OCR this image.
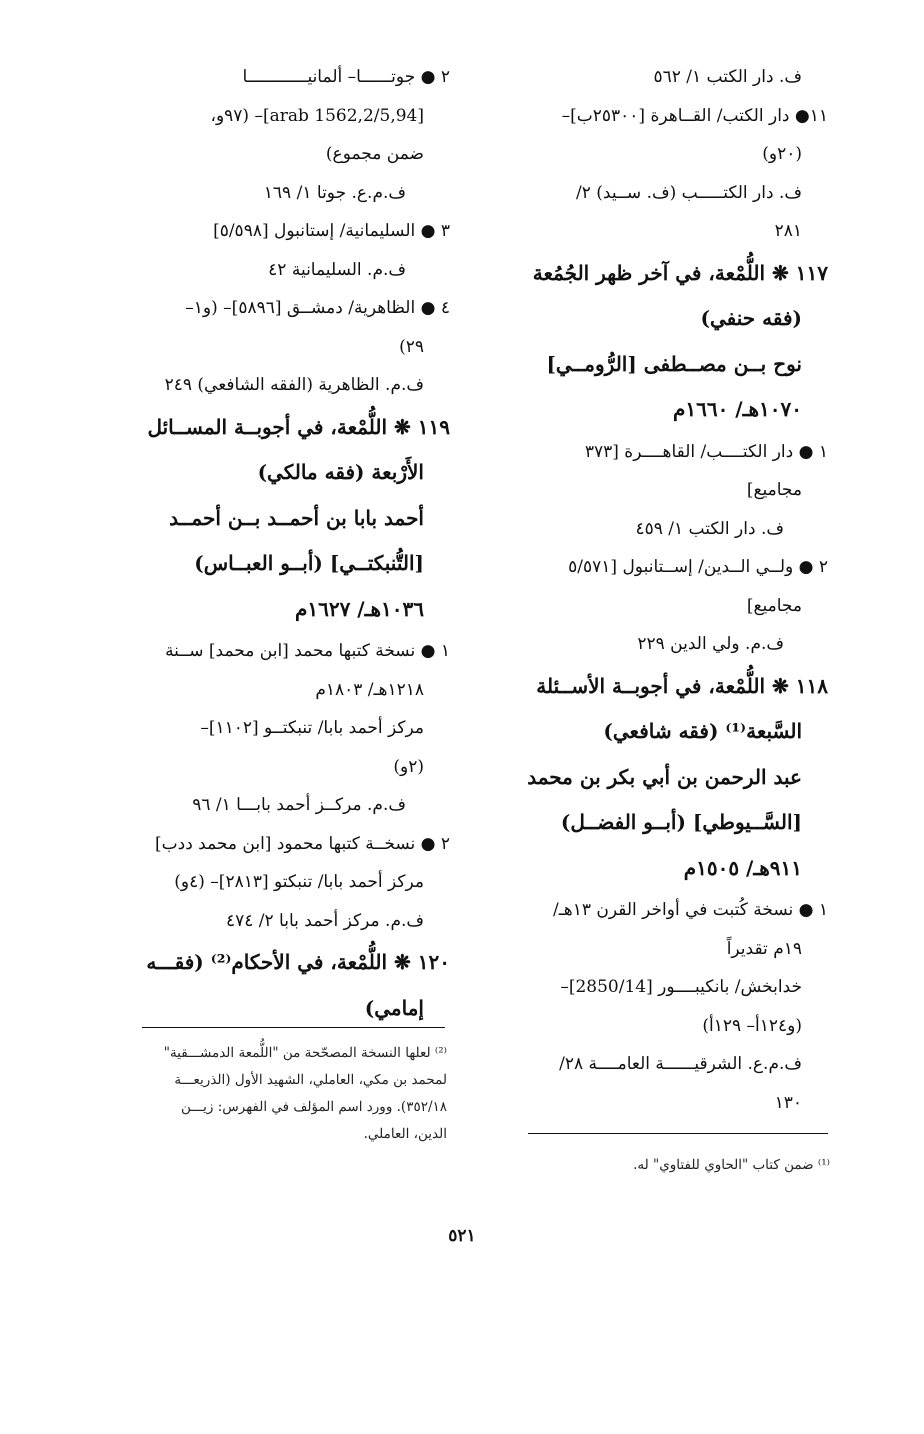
ف. دار الكتب ١/ ٥٦٢
١١● دار الكتب/ القــاهرة [٢٥٣٠٠ب]–
(٢٠و)
ف. دار الكتـــــب (ف. ســيد) ٢/
٢٨١
١١٧ ❋ اللُّمْعة، في آخر ظهر الجُمُعة
(فقه حنفي)
نوح بــن مصــطفى [الرُّومــي]
١٠٧٠هـ/ ١٦٦٠م
١ ● دار الكتــــب/ القاهــــرة [٣٧٣
مجاميع]
ف. دار الكتب ١/ ٤٥٩
٢ ● ولــي الــدين/ إســتانبول [٥/٥٧١
مجاميع]
ف.م. ولي الدين ٢٢٩
١١٨ ❋ اللُّمْعة، في أجوبــة الأســئلة
السَّبعة⁽¹⁾ (فقه شافعي)
عبد الرحمن بن أبي بكر بن محمد
[السَّــيوطي] (أبــو الفضــل)
٩١١هـ/ ١٥٠٥م
١ ● نسخة كُتبت في أواخر القرن ١٣هـ/
١٩م تقديراً
خدابخش/ بانكيبــــور [2850/14]–
(و١٢٤أ– ١٢٩أ)
ف.م.ع. الشرقيــــــة العامــــة ٢٨/
١٣٠
٢ ● جوتــــــا– ألمانيــــــــــــا
[94,arab 1562,2/5]– (٩٧و،
ضمن مجموع)
ف.م.ع. جوتا ١/ ١٦٩
٣ ● السليمانية/ إستانبول [٥/٥٩٨]
ف.م. السليمانية ٤٢
٤ ● الظاهرية/ دمشــق [٥٨٩٦]– (و١–
٢٩)
ف.م. الظاهرية (الفقه الشافعي) ٢٤٩
١١٩ ❋ اللُّمْعة، في أجوبــة المســائل
الأَرْبعة (فقه مالكي)
أحمد بابا بن أحمــد بــن أحمــد
[التُّنبكتــي] (أبــو العبــاس)
١٠٣٦هـ/ ١٦٢٧م
١ ● نسخة كتبها محمد [ابن محمد] ســنة
١٢١٨هـ/ ١٨٠٣م
مركز أحمد بابا/ تنبكتــو [١١٠٢]–
(٢و)
ف.م. مركــز أحمد بابـــا ١/ ٩٦
٢ ● نسخــة كتبها محمود [ابن محمد ددب]
مركز أحمد بابا/ تنبكتو [٢٨١٣]– (٤و)
ف.م. مركز أحمد بابا ٢/ ٤٧٤
١٢٠ ❋ اللُّمْعة، في الأحكام⁽²⁾ (فقـــه
إمامي)
⁽²⁾ لعلها النسخة المصحّحة من "اللُّمعة الدمشـــقية"
لمحمد بن مكي، العاملي، الشهيد الأول (الذريعـــة
٣٥٢/١٨). وورد اسم المؤلف في الفهرس: زيـــن
الدين، العاملي.
⁽¹⁾ ضمن كتاب "الحاوي للفتاوي" له.
٥٢١
